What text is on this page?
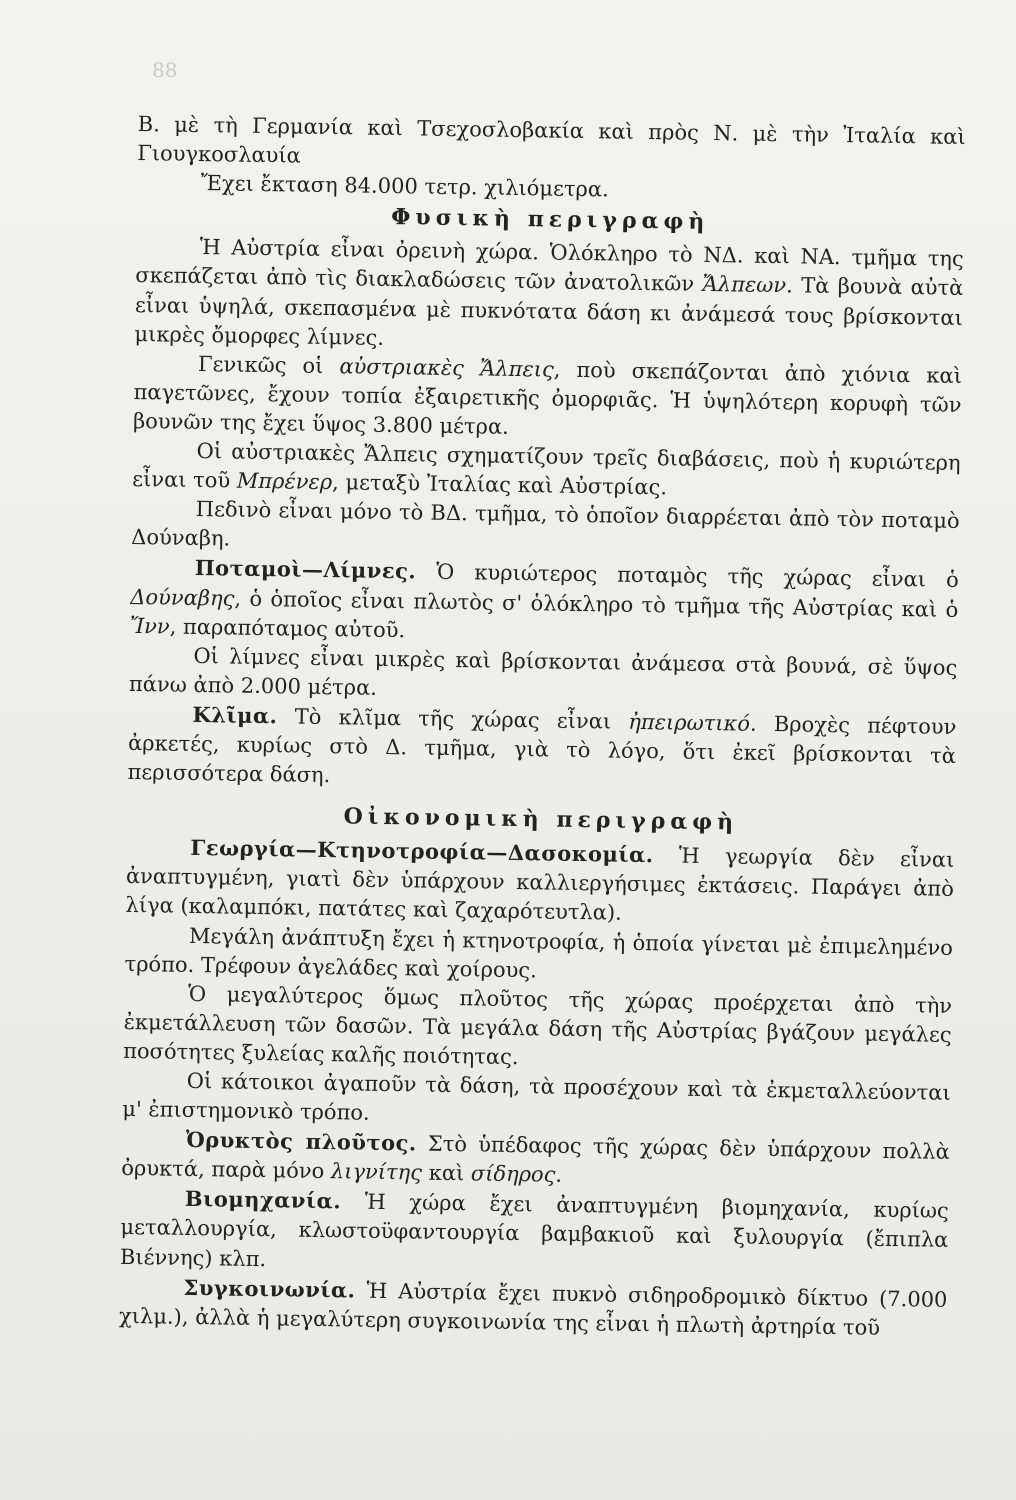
88

Β. μὲ τὴ Γερμανία καὶ Τσεχοσλοβακία καὶ πρὸς Ν. μὲ τὴν Ἰταλία καὶ Γιουγκοσλαυία

Ἔχει ἔκταση 84.000 τετρ. χιλιόμετρα.

Φυσικὴ περιγραφὴ

Ἡ Αὐστρία εἶναι ὀρεινὴ χώρα. Ὁλόκληρο τὸ ΝΔ. καὶ ΝΑ. τμῆμα της σκεπάζεται ἀπὸ τὶς διακλαδώσεις τῶν ἀνατολικῶν Ἄλπεων. Τὰ βουνὰ αὐτὰ εἶναι ὑψηλά, σκεπασμένα μὲ πυκνότατα δάση κι ἀνάμεσά τους βρίσκονται μικρὲς ὄμορφες λίμνες.

Γενικῶς οἱ αὐστριακὲς Ἄλπεις, ποὺ σκεπάζονται ἀπὸ χιόνια καὶ παγετῶνες, ἔχουν τοπία ἐξαιρετικῆς ὀμορφιᾶς. Ἡ ὑψηλότερη κορυφὴ τῶν βουνῶν της ἔχει ὕψος 3.800 μέτρα.

Οἱ αὐστριακὲς Ἄλπεις σχηματίζουν τρεῖς διαβάσεις, ποὺ ἡ κυριώτερη εἶναι τοῦ Μπρένερ, μεταξὺ Ἰταλίας καὶ Αὐστρίας.

Πεδινὸ εἶναι μόνο τὸ ΒΔ. τμῆμα, τὸ ὁποῖον διαρρέεται ἀπὸ τὸν ποταμὸ Δούναβη.

Ποταμοὶ—Λίμνες. Ὁ κυριώτερος ποταμὸς τῆς χώρας εἶναι ὁ Δούναβης, ὁ ὁποῖος εἶναι πλωτὸς σ' ὁλόκληρο τὸ τμῆμα τῆς Αὐστρίας καὶ ὁ Ἴνν, παραπόταμος αὐτοῦ.

Οἱ λίμνες εἶναι μικρὲς καὶ βρίσκονται ἀνάμεσα στὰ βουνά, σὲ ὕψος πάνω ἀπὸ 2.000 μέτρα.

Κλῖμα. Τὸ κλῖμα τῆς χώρας εἶναι ἠπειρωτικό. Βροχὲς πέφτουν ἀρκετές, κυρίως στὸ Δ. τμῆμα, γιὰ τὸ λόγο, ὅτι ἐκεῖ βρίσκονται τὰ περισσότερα δάση.

Οἰκονομικὴ περιγραφὴ

Γεωργία—Κτηνοτροφία—Δασοκομία. Ἡ γεωργία δὲν εἶναι ἀναπτυγμένη, γιατὶ δὲν ὑπάρχουν καλλιεργήσιμες ἐκτάσεις. Παράγει ἀπὸ λίγα (καλαμπόκι, πατάτες καὶ ζαχαρότευτλα).

Μεγάλη ἀνάπτυξη ἔχει ἡ κτηνοτροφία, ἡ ὁποία γίνεται μὲ ἐπιμελημένο τρόπο. Τρέφουν ἀγελάδες καὶ χοίρους.

Ὁ μεγαλύτερος ὅμως πλοῦτος τῆς χώρας προέρχεται ἀπὸ τὴν ἐκμετάλλευση τῶν δασῶν. Τὰ μεγάλα δάση τῆς Αὐστρίας βγάζουν μεγάλες ποσότητες ξυλείας καλῆς ποιότητας.

Οἱ κάτοικοι ἀγαποῦν τὰ δάση, τὰ προσέχουν καὶ τὰ ἐκμεταλλεύονται μ' ἐπιστημονικὸ τρόπο.

Ὀρυκτὸς πλοῦτος. Στὸ ὑπέδαφος τῆς χώρας δὲν ὑπάρχουν πολλὰ ὀρυκτά, παρὰ μόνο λιγνίτης καὶ σίδηρος.

Βιομηχανία. Ἡ χώρα ἔχει ἀναπτυγμένη βιομηχανία, κυρίως μεταλλουργία, κλωστοϋφαντουργία βαμβακιοῦ καὶ ξυλουργία (ἔπιπλα Βιέννης) κλπ.

Συγκοινωνία. Ἡ Αὐστρία ἔχει πυκνὸ σιδηροδρομικὸ δίκτυο (7.000 χιλμ.), ἀλλὰ ἡ μεγαλύτερη συγκοινωνία της εἶναι ἡ πλωτὴ ἀρτηρία τοῦ
